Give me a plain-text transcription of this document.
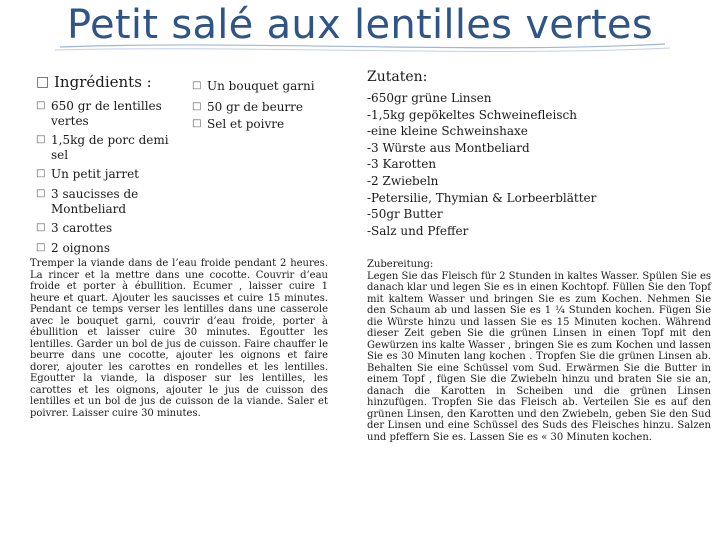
Petit salé aux lentilles vertes
□ Ingrédients :
□ 650 gr de lentilles vertes
□ 1,5kg de porc demi sel
□ Un petit jarret
□ 3 saucisses de Montbeliard
□ 3 carottes
□ 2 oignons
□ Un bouquet garni
□ 50 gr de beurre
□ Sel et poivre
Tremper la viande dans de l’eau froide pendant 2 heures. La rincer et la mettre dans une cocotte. Couvrir d’eau froide et porter à ébullition. Ecumer , laisser cuire 1 heure et quart. Ajouter les saucisses et cuire 15 minutes. Pendant ce temps verser les lentilles dans une casserole avec le bouquet garni, couvrir d’eau froide, porter à ébullition et laisser cuire 30 minutes. Egoutter les lentilles. Garder un bol de jus de cuisson. Faire chauffer le beurre dans une cocotte, ajouter les oignons et faire dorer, ajouter les carottes en rondelles et les lentilles. Egoutter la viande, la disposer sur les lentilles, les carottes et les oignons, ajouter le jus de cuisson des lentilles et un bol de jus de cuisson de la viande. Saler et poivrer. Laisser cuire 30 minutes.
Zutaten:
-650gr grüne Linsen
-1,5kg gepökeltes Schweinefleisch
-eine kleine Schweinshaxe
-3 Würste aus Montbeliard
-3 Karotten
-2 Zwiebeln
-Petersilie, Thymian & Lorbeerblätter
-50gr Butter
-Salz und Pfeffer
Zubereitung:
Legen Sie das Fleisch für 2 Stunden in kaltes Wasser. Spülen Sie es danach klar und legen Sie es in einen Kochtopf. Füllen Sie den Topf mit kaltem Wasser und bringen Sie es zum Kochen. Nehmen Sie den Schaum ab und lassen Sie es 1 ¼ Stunden kochen. Fügen Sie die Würste hinzu und lassen Sie es 15 Minuten kochen. Während dieser Zeit geben Sie die grünen Linsen in einen Topf mit den Gewürzen ins kalte Wasser , bringen Sie es zum Kochen und lassen Sie es 30 Minuten lang kochen . Tropfen Sie die grünen Linsen ab. Behalten Sie eine Schüssel vom Sud. Erwärmen Sie die Butter in einem Topf , fügen Sie die Zwiebeln hinzu und braten Sie sie an, danach die Karotten in Scheiben und die grünen Linsen hinzufügen. Tropfen Sie das Fleisch ab. Verteilen Sie es auf den grünen Linsen, den Karotten und den Zwiebeln, geben Sie den Sud der Linsen und eine Schüssel des Suds des Fleisches hinzu. Salzen und pfeffern Sie es. Lassen Sie es « 30 Minuten kochen.
